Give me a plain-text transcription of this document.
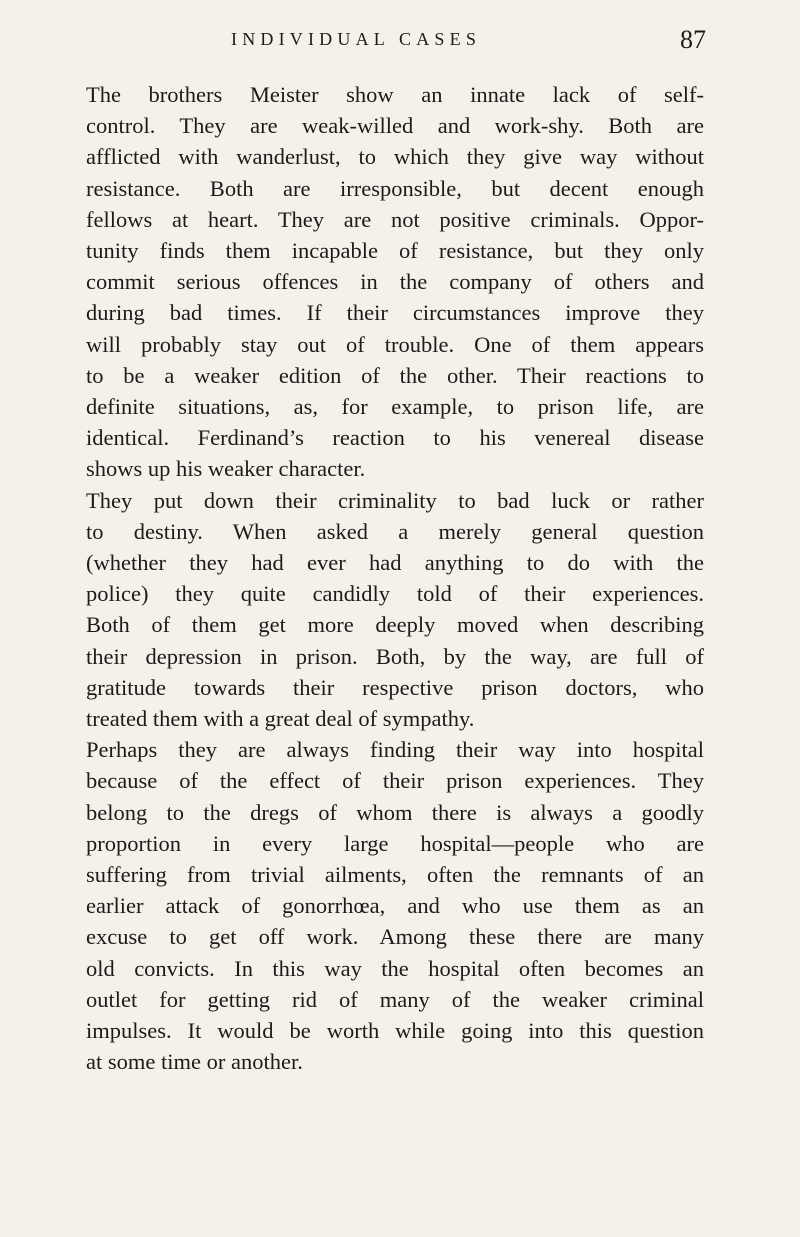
INDIVIDUAL CASES	87

The brothers Meister show an innate lack of self-
control. They are weak-willed and work-shy. Both are
afflicted with wanderlust, to which they give way without
resistance. Both are irresponsible, but decent enough
fellows at heart. They are not positive criminals. Oppor-
tunity finds them incapable of resistance, but they only
commit serious offences in the company of others and
during bad times. If their circumstances improve they
will probably stay out of trouble. One of them appears
to be a weaker edition of the other. Their reactions to
definite situations, as, for example, to prison life, are
identical. Ferdinand’s reaction to his venereal disease
shows up his weaker character.

They put down their criminality to bad luck or rather
to destiny. When asked a merely general question
(whether they had ever had anything to do with the
police) they quite candidly told of their experiences.
Both of them get more deeply moved when describing
their depression in prison. Both, by the way, are full of
gratitude towards their respective prison doctors, who
treated them with a great deal of sympathy.

Perhaps they are always finding their way into hospital
because of the effect of their prison experiences. They
belong to the dregs of whom there is always a goodly
proportion in every large hospital—people who are
suffering from trivial ailments, often the remnants of an
earlier attack of gonorrhœa, and who use them as an
excuse to get off work. Among these there are many
old convicts. In this way the hospital often becomes an
outlet for getting rid of many of the weaker criminal
impulses. It would be worth while going into this question
at some time or another.
